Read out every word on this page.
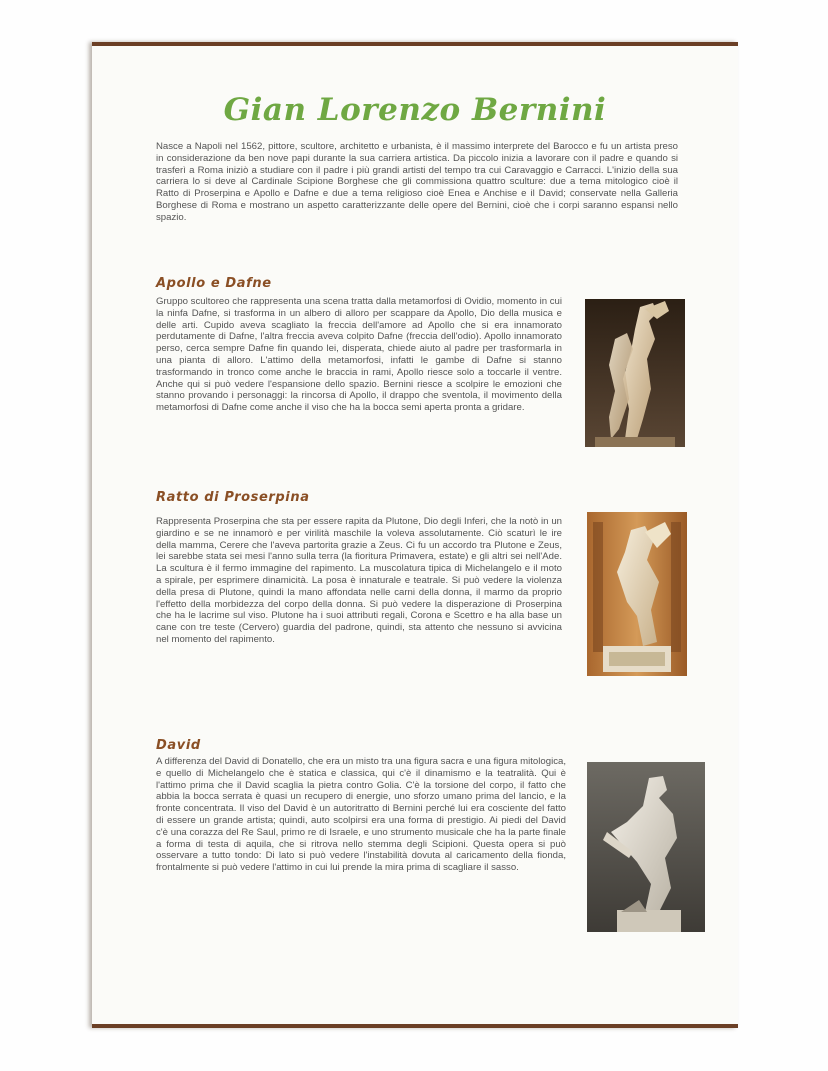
Gian Lorenzo Bernini

Nasce a Napoli nel 1562, pittore, scultore, architetto e urbanista, è il massimo interprete del Barocco e fu un artista preso in considerazione da ben nove papi durante la sua carriera artistica. Da piccolo inizia a lavorare con il padre e quando si trasferì a Roma iniziò a studiare con il padre i più grandi artisti del tempo tra cui Caravaggio e Carracci. L'inizio della sua carriera lo si deve al Cardinale Scipione Borghese che gli commissiona quattro sculture: due a tema mitologico cioè il Ratto di Proserpina e Apollo e Dafne e due a tema religioso cioè Enea e Anchise e il David; conservate nella Galleria Borghese di Roma e mostrano un aspetto caratterizzante delle opere del Bernini, cioè che i corpi saranno espansi nello spazio.

Apollo e Dafne

Gruppo scultoreo che rappresenta una scena tratta dalla metamorfosi di Ovidio, momento in cui la ninfa Dafne, si trasforma in un albero di alloro per scappare da Apollo, Dio della musica e delle arti. Cupido aveva scagliato la freccia dell'amore ad Apollo che si era innamorato perdutamente di Dafne, l'altra freccia aveva colpito Dafne (freccia dell'odio). Apollo innamorato perso, cerca sempre Dafne fin quando lei, disperata, chiede aiuto al padre per trasformarla in una pianta di alloro. L'attimo della metamorfosi, infatti le gambe di Dafne si stanno trasformando in tronco come anche le braccia in rami, Apollo riesce solo a toccarle il ventre. Anche qui si può vedere l'espansione dello spazio. Bernini riesce a scolpire le emozioni che stanno provando i personaggi: la rincorsa di Apollo, il drappo che sventola, il movimento della metamorfosi di Dafne come anche il viso che ha la bocca semi aperta pronta a gridare.

Ratto di Proserpina

Rappresenta Proserpina che sta per essere rapita da Plutone, Dio degli Inferi, che la notò in un giardino e se ne innamorò e per virilità maschile la voleva assolutamente. Ciò scaturì le ire della mamma, Cerere che l'aveva partorita grazie a Zeus. Ci fu un accordo tra Plutone e Zeus, lei sarebbe stata sei mesi l'anno sulla terra (la fioritura Primavera, estate) e gli altri sei nell'Ade. La scultura è il fermo immagine del rapimento. La muscolatura tipica di Michelangelo e il moto a spirale, per esprimere dinamicità. La posa è innaturale e teatrale. Si può vedere la violenza della presa di Plutone, quindi la mano affondata nelle carni della donna, il marmo da proprio l'effetto della morbidezza del corpo della donna. Si può vedere la disperazione di Proserpina che ha le lacrime sul viso. Plutone ha i suoi attributi regali, Corona e Scettro e ha alla base un cane con tre teste (Cervero) guardia del padrone, quindi, sta attento che nessuno si avvicina nel momento del rapimento.

David

A differenza del David di Donatello, che era un misto tra una figura sacra e una figura mitologica, e quello di Michelangelo che è statica e classica, qui c'è il dinamismo e la teatralità. Qui è l'attimo prima che il David scaglia la pietra contro Golia. C'è la torsione del corpo, il fatto che abbia la bocca serrata è quasi un recupero di energie, uno sforzo umano prima del lancio, e la fronte concentrata. Il viso del David è un autoritratto di Bernini perché lui era cosciente del fatto di essere un grande artista; quindi, auto scolpirsi era una forma di prestigio. Ai piedi del David c'è una corazza del Re Saul, primo re di Israele, e uno strumento musicale che ha la parte finale a forma di testa di aquila, che si ritrova nello stemma degli Scipioni. Questa opera si può osservare a tutto tondo: Di lato si può vedere l'instabilità dovuta al caricamento della fionda, frontalmente si può vedere l'attimo in cui lui prende la mira prima di scagliare il sasso.
